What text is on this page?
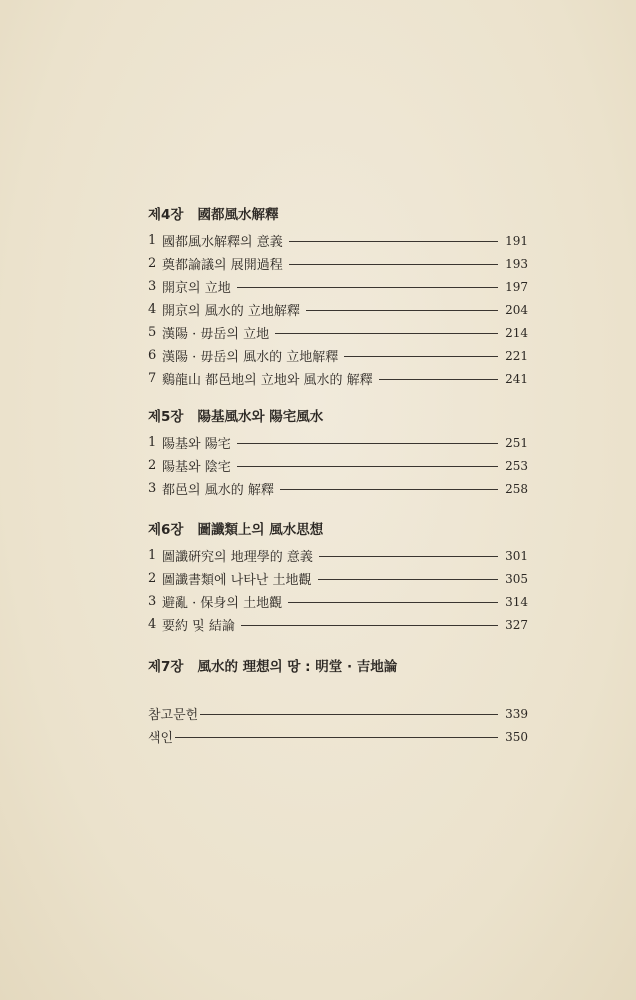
제4장 國都風水解釋
1 國都風水解釋의 意義	191
2 奠都論議의 展開過程	193
3 開京의 立地	197
4 開京의 風水的 立地解釋	204
5 漢陽 · 毋岳의 立地	214
6 漢陽 · 毋岳의 風水的 立地解釋	221
7 鷄龍山 都邑地의 立地와 風水的 解釋	241
제5장 陽基風水와 陽宅風水
1 陽基와 陽宅	251
2 陽基와 陰宅	253
3 都邑의 風水的 解釋	258
제6장 圖讖類上의 風水思想
1 圖讖硏究의 地理學的 意義	301
2 圖讖書類에 나타난 土地觀	305
3 避亂 · 保身의 土地觀	314
4 要約 및 結論	327
제7장 風水的 理想의 땅 : 明堂 · 吉地論
참고문헌	339
색인	350
